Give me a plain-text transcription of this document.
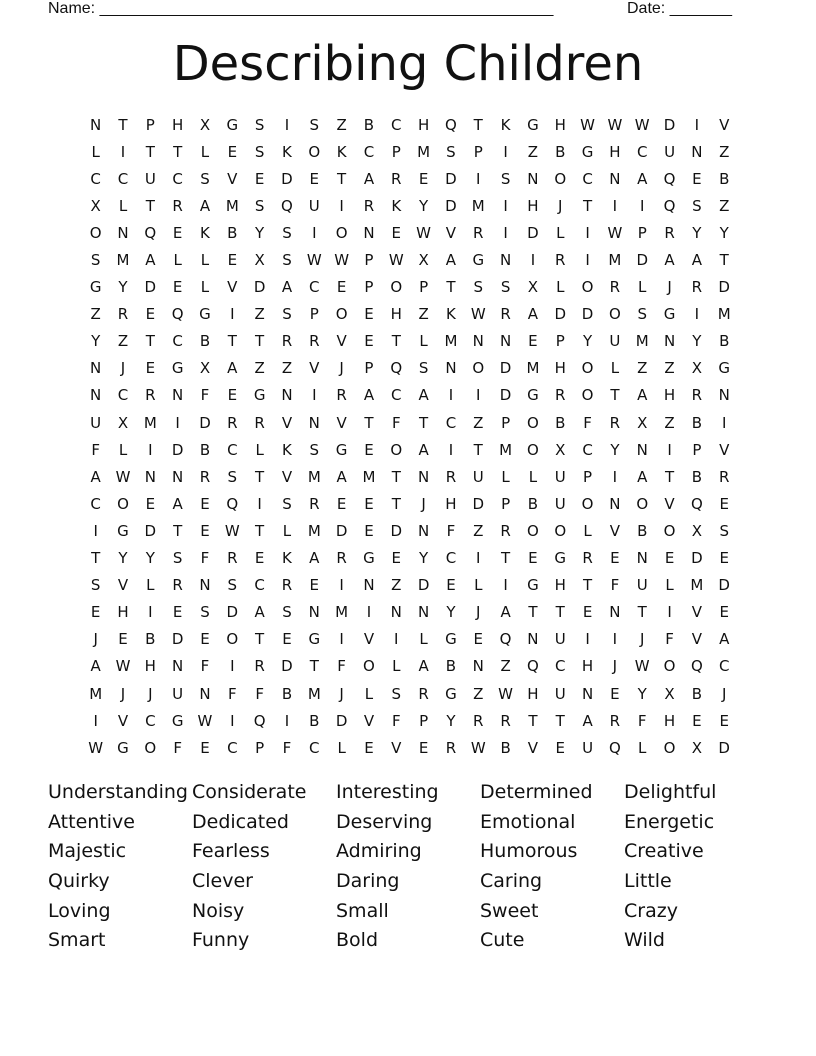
Name: ___________________________________________________	Date: _______
Describing Children
N	T	P	H	X	G	S	I	S	Z	B	C	H	Q	T	K	G	H W W W D	I	V
L	I	T	T	L	E	S	K	O	K	C	P	M	S	P	I	Z	B	G	H	C	U	N	Z
C	C	U	C	S	V	E	D	E	T	A	R	E	D	I	S	N	O	C	N	A	Q	E	B
X	L	T	R	A	M	S	Q	U	I	R	K	Y	D	M	I	H	J	T	I	I	Q	S	Z
O	N	Q	E	K	B	Y	S	I	O	N	E	W V	R	I	D	L	I	W	P	R	Y	Y
S	M	A	L	L	E	X	S	W W	P	W X	A	G	N	I	R	I	M	D	A	A	T
G	Y	D	E	L	V	D	A	C	E	P	O	P	T	S	S	X	L	O	R	L	J	R	D
Z	R	E	Q	G	I	Z	S	P	O	E	H	Z	K W R	A	D	D	O	S	G	I	M
Y	Z	T	C	B	T	T	R	R	V	E	T	L	M	N	N	E	P	Y	U	M	N	Y	B
N	J	E	G	X	A	Z	Z	V	J	P	Q	S	N	O	D	M	H	O	L	Z	Z	X	G
N	C	R	N	F	E	G	N	I	R	A	C	A	I	I	D	G	R	O	T	A	H	R	N
U	X	M	I	D	R	R	V	N	V	T	F	T	C	Z	P	O	B	F	R	X	Z	B	I
F	L	I	D	B	C	L	K	S	G	E	O	A	I	T	M O	X	C	Y	N	I	P	V
A W N	N	R	S	T	V	M	A	M	T	N	R	U	L	L	U	P	I	A	T	B	R
C	O	E	A	E	Q	I	S	R	E	E	T	J	H	D	P	B	U	O	N	O	V	Q	E
I	G	D	T	E	W	T	L	M	D	E	D	N	F	Z	R	O	O	L	V	B	O	X	S
T	Y	Y	S	F	R	E	K	A	R	G	E	Y	C	I	T	E	G	R	E	N	E	D	E
S	V	L	R	N	S	C	R	E	I	N	Z	D	E	L	I	G	H	T	F	U	L	M	D
E	H	I	E	S	D	A	S	N	M	I	N	N	Y	J	A	T	T	E	N	T	I	V	E
J	E	B	D	E	O	T	E	G	I	V	I	L	G	E	Q	N	U	I	I	J	F	V	A
A W H	N	F	I	R	D	T	F	O	L	A	B	N	Z	Q	C	H	J	W O	Q	C
M	J	J	U	N	F	F	B	M	J	L	S	R	G	Z W H	U	N	E	Y	X	B	J
I	V	C	G W	I	Q	I	B	D	V	F	P	Y	R	R	T	T	A	R	F	H	E	E
W G	O	F	E	C	P	F	C	L	E	V	E	R W B	V	E	U	Q	L	O	X	D
Understanding Considerate	Interesting	Determined	Delightful
Attentive	Dedicated	Deserving	Emotional	Energetic
Majestic	Fearless	Admiring	Humorous	Creative
Quirky	Clever	Daring	Caring	Little
Loving	Noisy	Small	Sweet	Crazy
Smart	Funny	Bold	Cute	Wild
